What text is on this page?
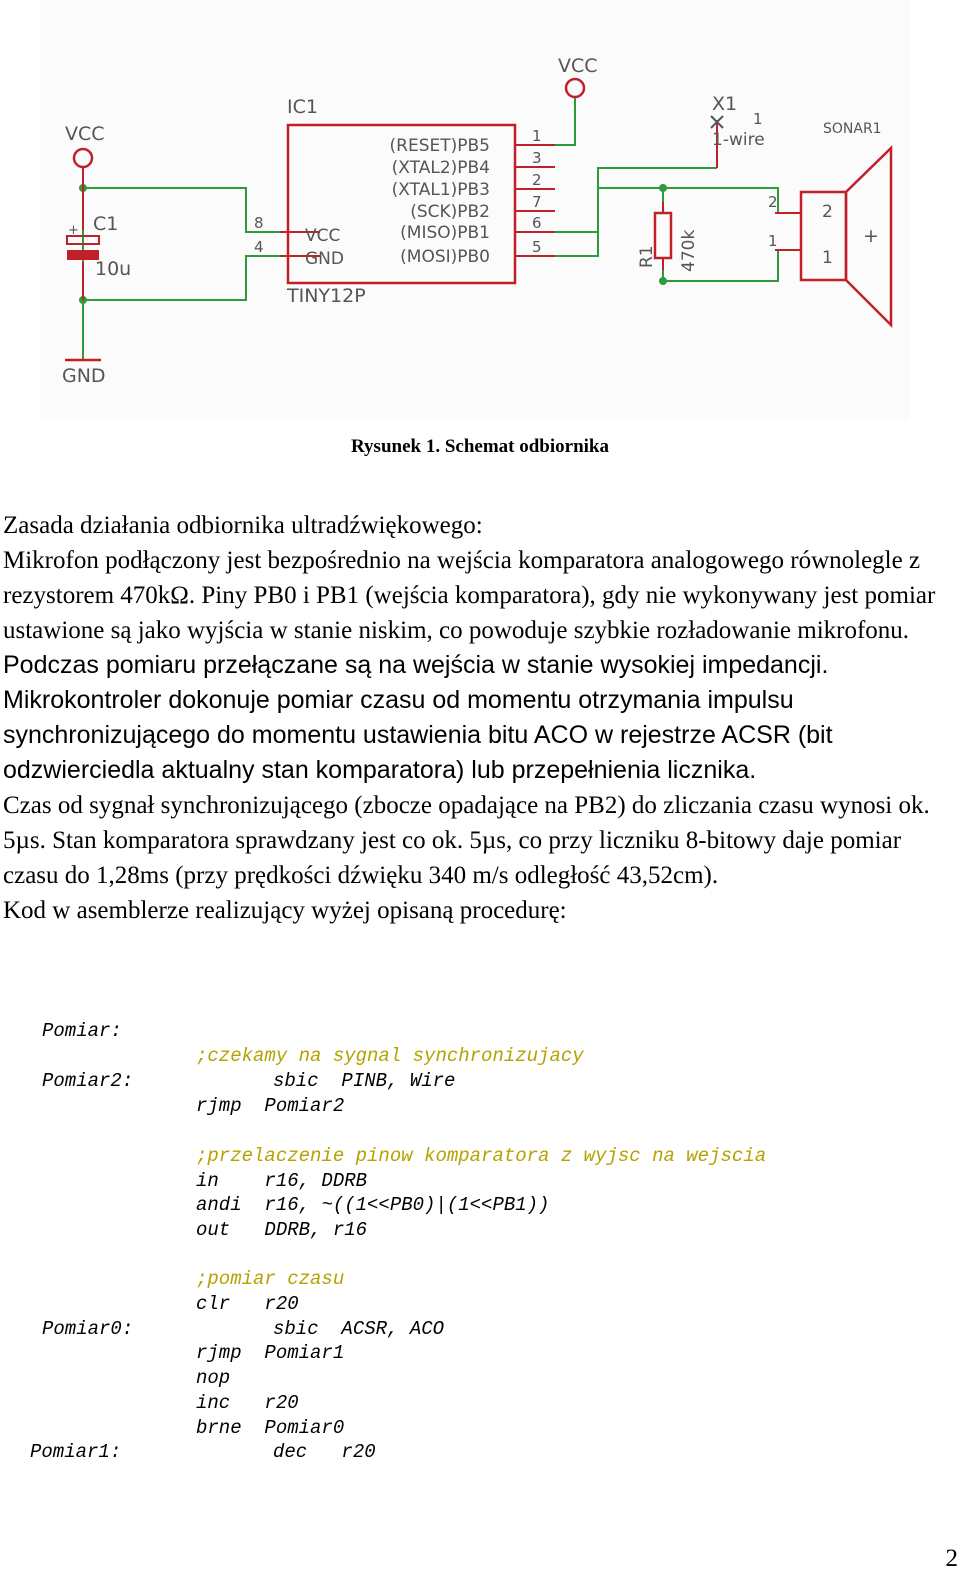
VCC
VCC
GND
C1
10u
+
IC1
TINY12P
(RESET)PB5
(XTAL2)PB4
(XTAL1)PB3
(SCK)PB2
(MISO)PB1
(MOSI)PB0
1
3
2
7
6
5
VCC
GND
8
4
X1
1
1-wire
R1 470k
SONAR1
2
1
2
1
+
Rysunek 1. Schemat odbiornika

Zasada działania odbiornika ultradźwiękowego:

Mikrofon podłączony jest bezpośrednio na wejścia komparatora analogowego równolegle z rezystorem 470kΩ. Piny PB0 i PB1 (wejścia komparatora), gdy nie wykonywany jest pomiar ustawione są jako wyjścia w stanie niskim, co powoduje szybkie rozładowanie mikrofonu. Podczas pomiaru przełączane są na wejścia w stanie wysokiej impedancji.

Mikrokontroler dokonuje pomiar czasu od momentu otrzymania impulsu synchronizującego do momentu ustawienia bitu ACO w rejestrze ACSR (bit odzwierciedla aktualny stan komparatora) lub przepełnienia licznika.

Czas od sygnał synchronizującego (zbocze opadające na PB2) do zliczania czasu wynosi ok. 5µs. Stan komparatora sprawdzany jest co ok. 5µs, co przy liczniku 8-bitowy daje pomiar czasu do 1,28ms (przy prędkości dźwięku 340 m/s odległość 43,52cm).

Kod w asemblerze realizujący wyżej opisaną procedurę:

Pomiar:
;czekamy na sygnal synchronizujacy
Pomiar2:	sbic  PINB, Wire
rjmp  Pomiar2
;przelaczenie pinow komparatora z wyjsc na wejscia
in    r16, DDRB
andi  r16, ~((1<<PB0)|(1<<PB1))
out   DDRB, r16
;pomiar czasu
clr   r20
Pomiar0:	sbic  ACSR, ACO
rjmp  Pomiar1
nop
inc   r20
brne  Pomiar0
Pomiar1:	dec   r20
2
